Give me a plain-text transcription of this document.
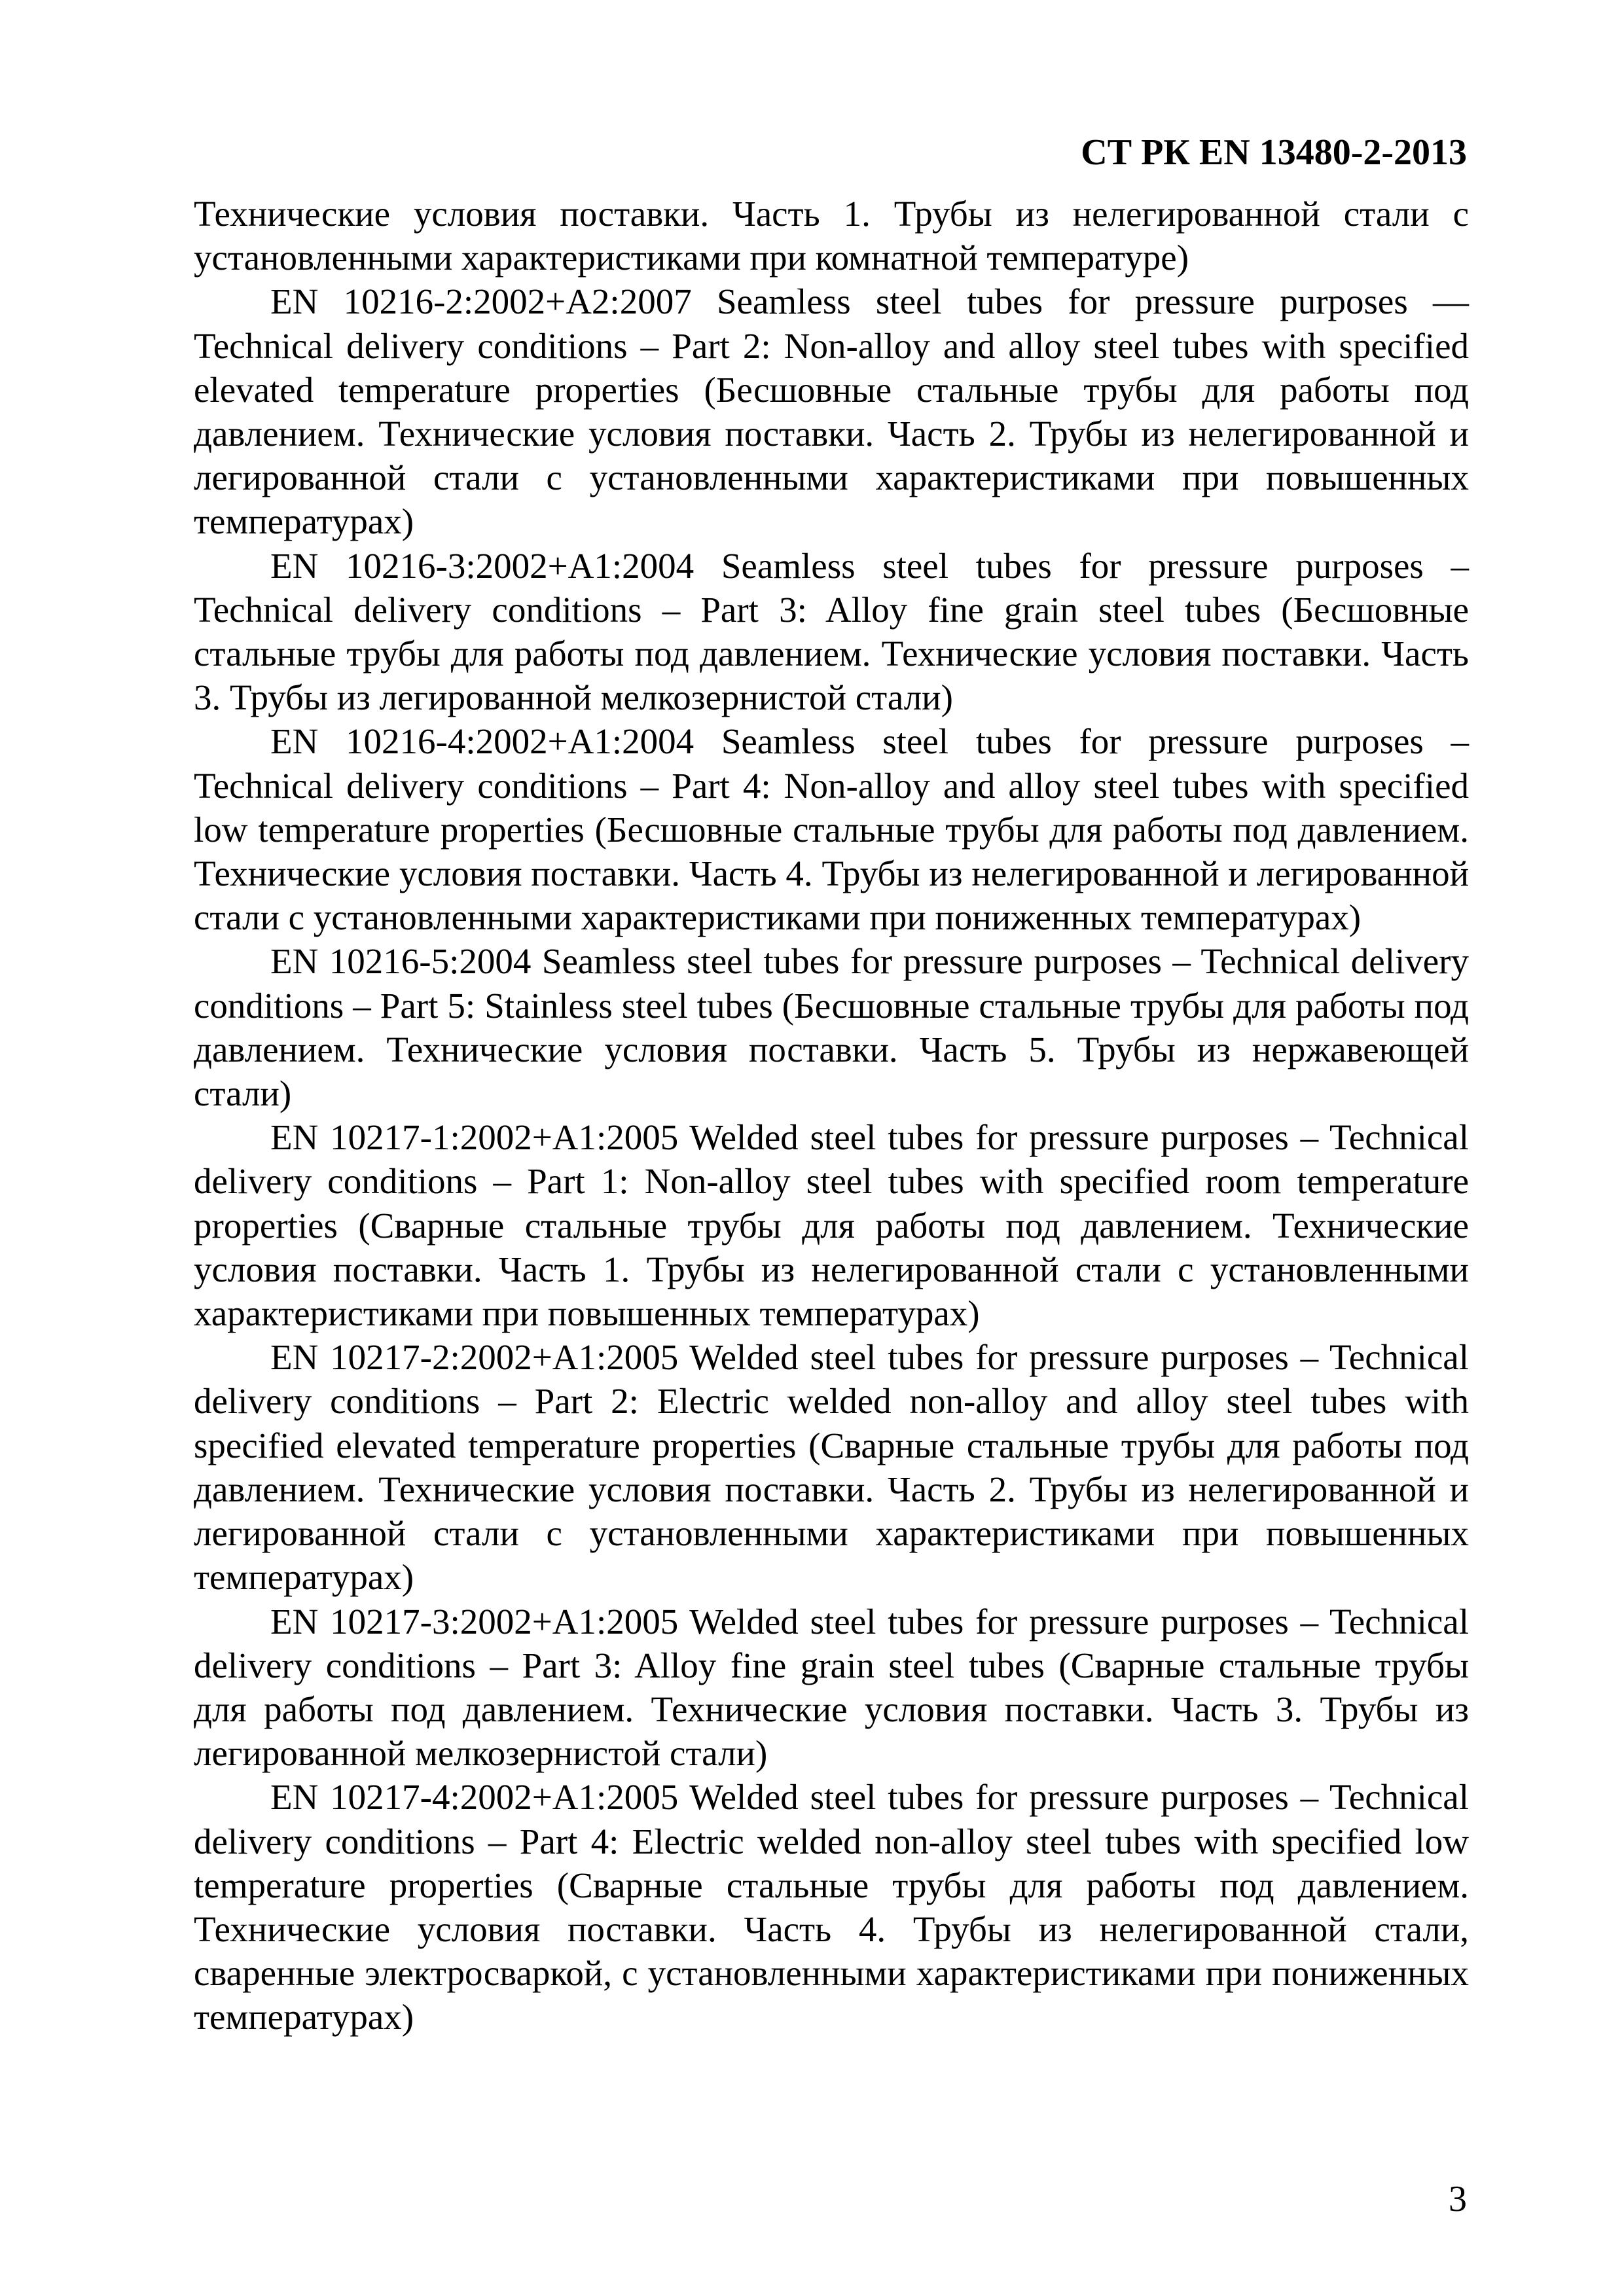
СТ РК EN 13480-2-2013

Технические условия поставки. Часть 1. Трубы из нелегированной стали с установленными характеристиками при комнатной температуре)

EN 10216-2:2002+A2:2007 Seamless steel tubes for pressure purposes — Technical delivery conditions – Part 2: Non-alloy and alloy steel tubes with specified elevated temperature properties (Бесшовные стальные трубы для работы под давлением. Технические условия поставки. Часть 2. Трубы из нелегированной и легированной стали с установленными характеристиками при повышенных температурах)

EN 10216-3:2002+A1:2004 Seamless steel tubes for pressure purposes – Technical delivery conditions – Part 3: Alloy fine grain steel tubes (Бесшовные стальные трубы для работы под давлением. Технические условия поставки. Часть 3. Трубы из легированной мелкозернистой стали)

EN 10216-4:2002+A1:2004 Seamless steel tubes for pressure purposes – Technical delivery conditions – Part 4: Non-alloy and alloy steel tubes with specified low temperature properties (Бесшовные стальные трубы для работы под давлением. Технические условия поставки. Часть 4. Трубы из нелегированной и легированной стали с установленными характеристиками при пониженных температурах)

EN 10216-5:2004 Seamless steel tubes for pressure purposes – Technical delivery conditions – Part 5: Stainless steel tubes (Бесшовные стальные трубы для работы под давлением. Технические условия поставки. Часть 5. Трубы из нержавеющей стали)

EN 10217-1:2002+A1:2005 Welded steel tubes for pressure purposes – Technical delivery conditions – Part 1: Non-alloy steel tubes with specified room temperature properties (Сварные стальные трубы для работы под давлением. Технические условия поставки. Часть 1. Трубы из нелегированной стали с установленными характеристиками при повышенных температурах)

EN 10217-2:2002+A1:2005 Welded steel tubes for pressure purposes – Technical delivery conditions – Part 2: Electric welded non-alloy and alloy steel tubes with specified elevated temperature properties (Сварные стальные трубы для работы под давлением. Технические условия поставки. Часть 2. Трубы из нелегированной и легированной стали с установленными характеристиками при повышенных температурах)

EN 10217-3:2002+A1:2005 Welded steel tubes for pressure purposes – Technical delivery conditions – Part 3: Alloy fine grain steel tubes (Сварные стальные трубы для работы под давлением. Технические условия поставки. Часть 3. Трубы из легированной мелкозернистой стали)

EN 10217-4:2002+A1:2005 Welded steel tubes for pressure purposes – Technical delivery conditions – Part 4: Electric welded non-alloy steel tubes with specified low temperature properties (Сварные стальные трубы для работы под давлением. Технические условия поставки. Часть 4. Трубы из нелегированной стали, сваренные электросваркой, с установленными характеристиками при пониженных температурах)

3
